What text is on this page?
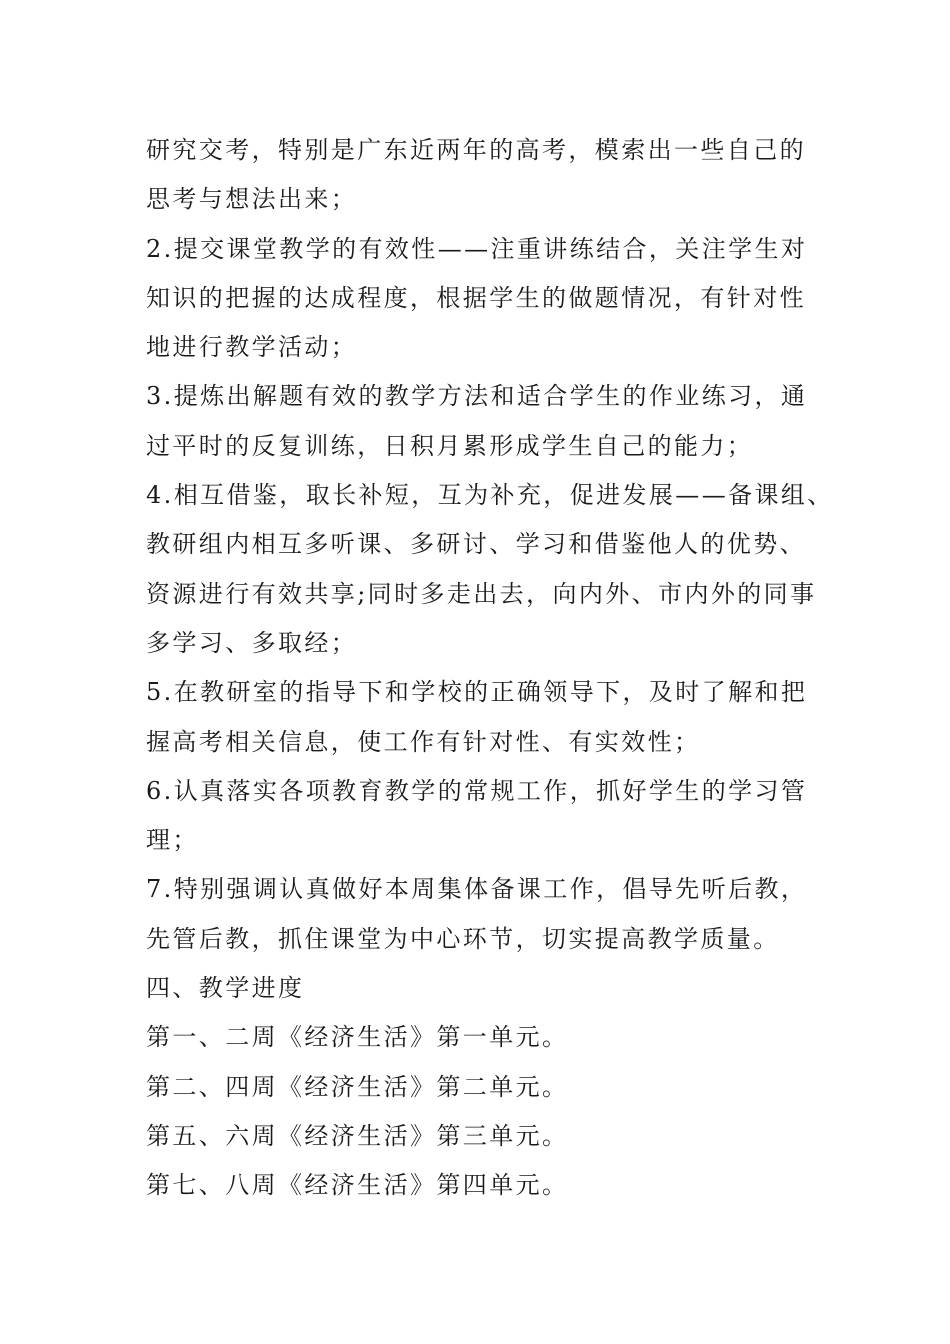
研究交考，特别是广东近两年的高考，模索出一些自己的
思考与想法出来；
2.提交课堂教学的有效性——注重讲练结合，关注学生对
知识的把握的达成程度，根据学生的做题情况，有针对性
地进行教学活动；
3.提炼出解题有效的教学方法和适合学生的作业练习，通
过平时的反复训练，日积月累形成学生自己的能力；
4.相互借鉴，取长补短，互为补充，促进发展——备课组、
教研组内相互多听课、多研讨、学习和借鉴他人的优势、
资源进行有效共享;同时多走出去，向内外、市内外的同事
多学习、多取经；
5.在教研室的指导下和学校的正确领导下，及时了解和把
握高考相关信息，使工作有针对性、有实效性；
6.认真落实各项教育教学的常规工作，抓好学生的学习管
理；
7.特别强调认真做好本周集体备课工作，倡导先听后教，
先管后教，抓住课堂为中心环节，切实提高教学质量。
四、教学进度
第一、二周《经济生活》第一单元。
第二、四周《经济生活》第二单元。
第五、六周《经济生活》第三单元。
第七、八周《经济生活》第四单元。
